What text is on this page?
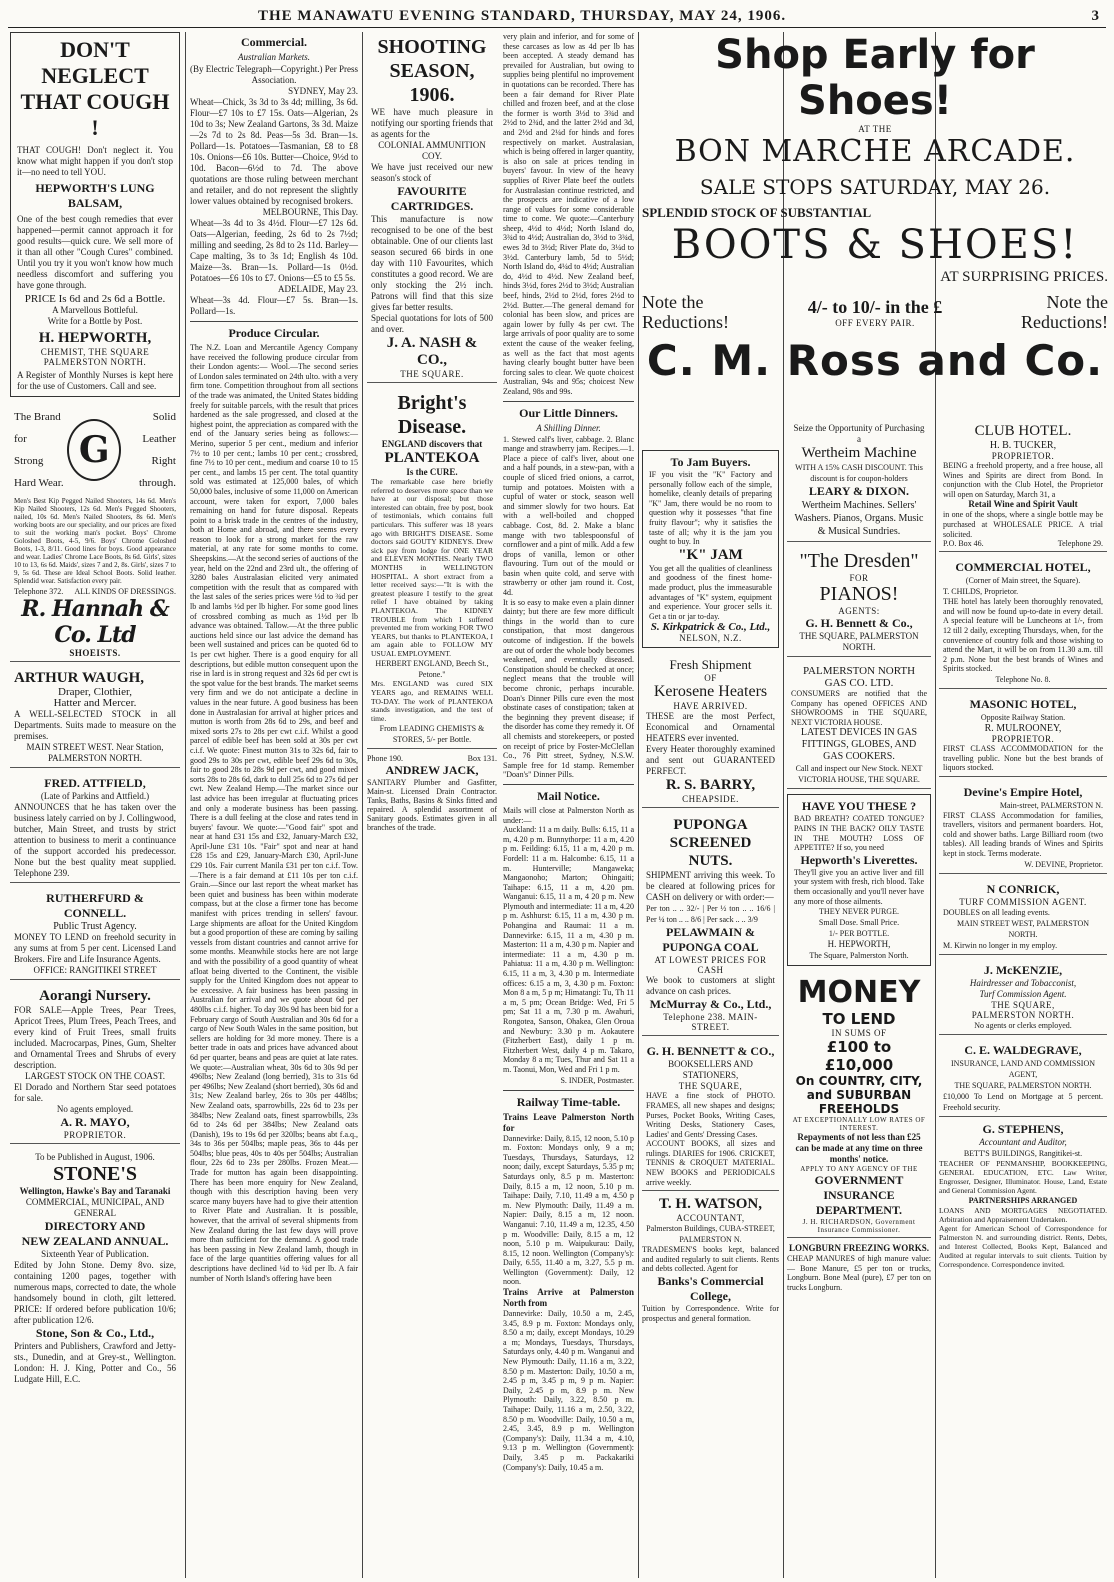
THE MANAWATU EVENING STANDARD, THURSDAY, MAY 24, 1906.	3
DON'T NEGLECT THAT COUGH !
THAT COUGH! Don't neglect it. You know what might happen if you don't stop it—no need to tell YOU.
HEPWORTH'S LUNG BALSAM,
One of the best cough remedies that ever happened—permit cannot approach it for good results—quick cure. We sell more of it than all other "Cough Cures" combined. Until you try it you won't know how much needless discomfort and suffering you have gone through.
PRICE Is 6d and 2s 6d a Bottle.
A Marvellous Bottleful.
Write for a Bottle by Post.
H. HEPWORTH,
CHEMIST, THE SQUARE
PALMERSTON NORTH.
A Register of Monthly Nurses is kept here for the use of Customers. Call and see.
The Brand for
Strong
Hard Wear.
G
Solid
Leather
Right through.
Men's Best Kip Pegged Nailed Shooters, 14s 6d. Men's Kip Nailed Shooters, 12s 6d. Men's Pegged Shooters, nailed, 10s 6d. Men's Nailed Shooters, 8s 6d. Men's working boots are our speciality, and our prices are fixed to suit the working man's pocket. Boys' Chrome Goloshed Boots, 4-5, 9/6. Boys' Chrome Goloshed Boots, 1-3, 8/11. Good lines for boys. Good appearance and wear. Ladies' Chrome Lace Boots, 8s 6d. Girls', sizes 10 to 13, 6s 6d. Maids', sizes 7 and 2, 8s. Girls', sizes 7 to 9, 5s 6d. These are Ideal School Boots. Solid leather. Splendid wear. Satisfaction every pair.
Telephone 372. ALL KINDS OF DRESSINGS.
R. Hannah & Co. Ltd
SHOEISTS.
ARTHUR WAUGH,
Draper, Clothier,
Hatter and Mercer.
A WELL-SELECTED STOCK in all Departments. Suits made to measure on the premises.
MAIN STREET WEST. Near Station, PALMERSTON NORTH.
FRED. ATTFIELD,
(Late of Parkins and Attfield.)
ANNOUNCES that he has taken over the business lately carried on by J. Collingwood, butcher, Main Street, and trusts by strict attention to business to merit a continuance of the support accorded his predecessor. None but the best quality meat supplied. Telephone 239.
RUTHERFURD & CONNELL.
Public Trust Agency.
MONEY TO LEND on freehold security in any sums at from 5 per cent. Licensed Land Brokers. Fire and Life Insurance Agents.
OFFICE: RANGITIKEI STREET
Aorangi Nursery.
FOR SALE—Apple Trees, Pear Trees, Apricot Trees, Plum Trees, Peach Trees, and every kind of Fruit Trees, small fruits included. Macrocarpas, Pines, Gum, Shelter and Ornamental Trees and Shrubs of every description.
LARGEST STOCK ON THE COAST.
El Dorado and Northern Star seed potatoes for sale.
No agents employed.
A. R. MAYO,
PROPRIETOR.
To be Published in August, 1906.
STONE'S
Wellington, Hawke's Bay and Taranaki
COMMERCIAL, MUNICIPAL, AND GENERAL
DIRECTORY AND
NEW ZEALAND ANNUAL.
Sixteenth Year of Publication.
Edited by John Stone. Demy 8vo. size, containing 1200 pages, together with numerous maps, corrected to date, the whole handsomely bound in cloth, gilt lettered. PRICE: If ordered before publication 10/6; after publication 12/6.
Stone, Son & Co., Ltd.,
Printers and Publishers, Crawford and Jetty-sts., Dunedin, and at Grey-st., Wellington. London: H. J. King, Potter and Co., 56 Ludgate Hill, E.C.
Commercial.
Australian Markets.
(By Electric Telegraph—Copyright.) Per Press Association.
SYDNEY, May 23.
Wheat—Chick, 3s 3d to 3s 4d; milling, 3s 6d. Flour—£7 10s to £7 15s. Oats—Algerian, 2s 10d to 3s; New Zealand Gartons, 3s 3d. Maize—2s 7d to 2s 8d. Peas—5s 3d. Bran—1s. Pollard—1s. Potatoes—Tasmanian, £8 to £8 10s. Onions—£6 10s. Butter—Choice, 9½d to 10d. Bacon—6½d to 7d. The above quotations are those ruling between merchant and retailer, and do not represent the slightly lower values obtained by recognised brokers.
MELBOURNE, This Day.
Wheat—3s 4d to 3s 4½d. Flour—£7 12s 6d. Oats—Algerian, feeding, 2s 6d to 2s 7½d; milling and seeding, 2s 8d to 2s 11d. Barley—Cape malting, 3s to 3s 1d; English 4s 10d. Maize—3s. Bran—1s. Pollard—1s 0½d. Potatoes—£6 10s to £7. Onions—£5 to £5 5s.
ADELAIDE, May 23.
Wheat—3s 4d. Flour—£7 5s. Bran—1s. Pollard—1s.
Produce Circular.
The N.Z. Loan and Mercantile Agency Company have received the following produce circular from their London agents:— Wool.—The second series of London sales terminated on 24th ulto. with a very firm tone. Competition throughout from all sections of the trade was animated, the United States bidding freely for suitable parcels, with the result that prices hardened as the sale progressed, and closed at the highest point, the appreciation as compared with the end of the January series being as follows:—Merino, superior 5 per cent., medium and inferior 7½ to 10 per cent.; lambs 10 per cent.; crossbred, fine 7½ to 10 per cent., medium and coarse 10 to 15 per cent., and lambs 15 per cent. The total quantity sold was estimated at 125,000 bales, of which 50,000 bales, inclusive of some 11,000 on American account, were taken for export, 7,000 bales remaining on hand for future disposal. Repeats point to a brisk trade in the centres of the industry, both at Home and abroad, and there seems every reason to look for a strong market for the raw material, at any rate for some months to come. Sheepskins.—At the second series of auctions of the year, held on the 22nd and 23rd ult., the offering of 3280 bales Australasian elicited very animated competition with the result that as compared with the last sales of the series prices were ½d to ¾d per lb and lambs ½d per lb higher. For some good lines of crossbred combing as much as 1½d per lb advance was obtained. Tallow.—At the three public auctions held since our last advice the demand has been well sustained and prices can be quoted 6d to 1s per cwt higher. There is a good enquiry for all descriptions, but edible mutton consequent upon the rise in lard is in strong request and 32s 6d per cwt is the spot value for the best brands. The market seems very firm and we do not anticipate a decline in values in the near future. A good business has been done in Australasian for arrival at higher prices and mutton is worth from 28s 6d to 29s, and beef and mixed sorts 27s to 28s per cwt c.i.f. Whilst a good parcel of edible beef has been sold at 30s per cwt c.i.f. We quote: Finest mutton 31s to 32s 6d, fair to good 29s to 30s per cwt, edible beef 29s 6d to 30s, fair to good 28s to 28s 9d per cwt, and good mixed sorts 28s to 28s 6d, dark to dull 25s 6d to 27s 6d per cwt. New Zealand Hemp.—The market since our last advice has been irregular at fluctuating prices and only a moderate business has been passing. There is a dull feeling at the close and rates tend in buyers' favour. We quote:—"Good fair" spot and near at hand £31 15s and £32, January-March £32, April-June £31 10s. "Fair" spot and near at hand £28 15s and £29, January-March £30, April-June £29 10s. Fair current Manila £31 per ton c.i.f. Tow.—There is a fair demand at £11 10s per ton c.i.f. Grain.—Since our last report the wheat market has been quiet and business has been within moderate compass, but at the close a firmer tone has become manifest with prices trending in sellers' favour. Large shipments are afloat for the United Kingdom but a good proportion of these are coming by sailing vessels from distant countries and cannot arrive for some months. Meanwhile stocks here are not large and with the possibility of a good quantity of wheat afloat being diverted to the Continent, the visible supply for the United Kingdom does not appear to be excessive. A fair business has been passing in Australian for arrival and we quote about 6d per 480lbs c.i.f. higher. To day 30s 9d has been bid for a February cargo of South Australian and 30s 6d for a cargo of New South Wales in the same position, but sellers are holding for 3d more money. There is a better trade in oats and prices have advanced about 6d per quarter, beans and peas are quiet at late rates. We quote:—Australian wheat, 30s 6d to 30s 9d per 496lbs; New Zealand (long berried), 31s to 31s 6d per 496lbs; New Zealand (short berried), 30s 6d and 31s; New Zealand barley, 26s to 30s per 448lbs; New Zealand oats, sparrowbills, 22s 6d to 23s per 384lbs; New Zealand oats, finest sparrowbills, 23s 6d to 24s 6d per 384lbs; New Zealand oats (Danish), 19s to 19s 6d per 320lbs; beans abt f.a.q., 34s to 36s per 504lbs; maple peas, 36s to 44s per 504lbs; blue peas, 40s to 40s per 504lbs; Australian flour, 22s 6d to 23s per 280lbs. Frozen Meat.—Trade for mutton has again been disappointing. There has been more enquiry for New Zealand, though with this description having been very scarce many buyers have had to give their attention to River Plate and Australian. It is possible, however, that the arrival of several shipments from New Zealand during the last few days will prove more than sufficient for the demand. A good trade has been passing in New Zealand lamb, though in face of the large quantities offering values for all descriptions have declined ¼d to ¼d per lb. A fair number of North Island's offering have been
SHOOTING SEASON, 1906.
WE have much pleasure in notifying our sporting friends that as agents for the
COLONIAL AMMUNITION COY.
We have just received our new season's stock of
FAVOURITE CARTRIDGES.
This manufacture is now recognised to be one of the best obtainable. One of our clients last season secured 66 birds in one day with 110 Favourites, which constitutes a good record. We are only stocking the 2½ inch. Patrons will find that this size gives far better results.
Special quotations for lots of 500 and over.
J. A. NASH & CO.,
THE SQUARE.
Bright's Disease.
ENGLAND discovers that
PLANTEKOA
Is the CURE.
The remarkable case here briefly referred to deserves more space than we have at our disposal; but those interested can obtain, free by post, book of testimonials, which contains full particulars. This sufferer was 18 years ago with BRIGHT'S DISEASE. Some doctors said GOUTY KIDNEYS. Drew sick pay from lodge for ONE YEAR and ELEVEN MONTHS. Nearly TWO MONTHS in WELLINGTON HOSPITAL. A short extract from a letter received says:—"It is with the greatest pleasure I testify to the great relief I have obtained by taking PLANTEKOA. The KIDNEY TROUBLE from which I suffered prevented me from working FOR TWO YEARS, but thanks to PLANTEKOA, I am again able to FOLLOW MY USUAL EMPLOYMENT.
HERBERT ENGLAND, Beech St., Petone."
Mrs. ENGLAND was cured SIX YEARS ago, and REMAINS WELL TO-DAY. The work of PLANTEKOA stands investigation, and the test of time.
From LEADING CHEMISTS & STORES, 5/- per Bottle.
Phone 190.	Box 131.
ANDREW JACK,
SANITARY Plumber and Gasfitter, Main-st. Licensed Drain Contractor. Tanks, Baths, Basins & Sinks fitted and repaired. A splendid assortment of Sanitary goods. Estimates given in all branches of the trade.
very plain and inferior, and for some of these carcases as low as 4d per lb has been accepted. A steady demand has prevailed for Australian, but owing to supplies being plentiful no improvement in quotations can be recorded. There has been a fair demand for River Plate chilled and frozen beef, and at the close the former is worth 3½d to 3¾d and 2½d to 2¾d, and the latter 2½d and 3d, and 2½d and 2¼d for hinds and fores respectively on market. Australasian, which is being offered in larger quantity, is also on sale at prices tending in buyers' favour. In view of the heavy supplies of River Plate beef the outlets for Australasian continue restricted, and the prospects are indicative of a low range of values for some considerable time to come. We quote:—Canterbury sheep, 4½d to 4½d; North Island do, 3¾d to 4½d; Australian do, 3½d to 3¾d, ewes 3d to 3½d; River Plate do, 3¼d to 3½d. Canterbury lamb, 5d to 5½d; North Island do, 4¼d to 4½d; Australian do, 4½d to 4½d. New Zealand beef, hinds 3½d, fores 2½d to 3½d; Australian beef, hinds, 2½d to 2½d, fores 2½d to 2½d. Butter.—The general demand for colonial has been slow, and prices are again lower by fully 4s per cwt. The large arrivals of poor quality are to some extent the cause of the weaker feeling, as well as the fact that most agents having clearly bought butter have been forcing sales to clear. We quote choicest Australian, 94s and 95s; choicest New Zealand, 98s and 99s.
Our Little Dinners.
A Shilling Dinner.
1. Stewed calf's liver, cabbage. 2. Blanc mange and strawberry jam. Recipes.—1. Place a piece of calf's liver, about one and a half pounds, in a stew-pan, with a couple of sliced fried onions, a carrot, turnip and potatoes. Moisten with a cupful of water or stock, season well and simmer slowly for two hours. Eat with a well-boiled and chopped cabbage. Cost, 8d. 2. Make a blanc mange with two tablespoonsful of cornflower and a pint of milk. Add a few drops of vanilla, lemon or other flavouring. Turn out of the mould or basin when quite cold, and serve with strawberry or other jam round it. Cost, 4d.
It is so easy to make even a plain dinner dainty; but there are few more difficult things in the world than to cure constipation, that most dangerous outcome of indigestion. If the bowels are out of order the whole body becomes weakened, and eventually diseased. Constipation should be checked at once; neglect means that the trouble will become chronic, perhaps incurable. Doan's Dinner Pills cure even the most obstinate cases of constipation; taken at the beginning they prevent disease; if the disorder has come they remedy it. Of all chemists and storekeepers, or posted on receipt of price by Foster-McClellan Co., 76 Pitt street, Sydney, N.S.W. Sample free for 1d stamp. Remember "Doan's" Dinner Pills.
Mail Notice.
Mails will close at Palmerston North as under:—
Auckland: 11 a m daily. Bulls: 6.15, 11 a m, 4.20 p m. Bunnythorpe: 11 a m, 4.20 p m. Feilding: 6.15, 11 a m, 4.20 p m. Fordell: 11 a m. Halcombe: 6.15, 11 a m. Hunterville; Mangaweka; Mangaonoho; Marton; Ohingaiti; Taihape: 6.15, 11 a m, 4.20 pm. Wanganui: 6.15, 11 a m, 4 20 p m. New Plymouth and intermediate: 11 a m, 4.20 p m. Ashhurst: 6.15, 11 a m, 4.30 p m. Pohangina and Raumai: 11 a m. Dannevirke: 6.15, 11 a m, 4.30 p m. Masterton: 11 a m, 4.30 p m. Napier and intermediate: 11 a m, 4.30 p m. Pahiatua: 11 a m, 4.30 p m. Wellington: 6.15, 11 a m, 3, 4.30 p m. Intermediate offices: 6.15 a m, 3, 4.30 p m. Foxton: Mon 8 a m, 5 p m; Himatangi: Tu, Th 11 a m, 5 pm; Ocean Bridge: Wed, Fri 5 pm; Sat 11 a m, 7.30 p m. Awahuri, Rongotea, Sanson, Ohakea, Glen Oroua and Newbury: 3.30 p m. Aokautere (Fitzherbert East), daily 1 p m. Fitzherbert West, daily 4 p m. Takaro, Monday 8 a m; Tues, Thur and Sat 11 a m. Taonui, Mon, Wed and Fri 1 p m.
S. INDER, Postmaster.
Railway Time-table.
Trains Leave Palmerston North for
Dannevirke: Daily, 8.15, 12 noon, 5.10 p m. Foxton: Mondays only, 9 a m; Tuesdays, Thursdays, Saturdays, 12 noon; daily, except Saturdays, 5.35 p m; Saturdays only, 8.5 p m. Masterton: Daily, 8.15 a m, 12 noon, 5.10 p m. Taihape: Daily, 7.10, 11.49 a m, 4.50 p m. New Plymouth: Daily, 11.49 a m. Napier: Daily, 8.15 a m, 12 noon. Wanganui: 7.10, 11.49 a m, 12.35, 4.50 p m. Woodville: Daily, 8.15 a m, 12 noon, 5.10 p m. Waipukurau: Daily, 8.15, 12 noon. Wellington (Company's): Daily, 6.55, 11.40 a m, 3.27, 5.5 p m. Wellington (Government): Daily, 12 noon.
Trains Arrive at Palmerston North from
Dannevirke: Daily, 10.50 a m, 2.45, 3.45, 8.9 p m. Foxton: Mondays only, 8.50 a m; daily, except Mondays, 10.29 a m; Mondays, Tuesdays, Thursdays, Saturdays only, 4.40 p m. Wanganui and New Plymouth: Daily, 11.16 a m, 3.22, 8.50 p m. Masterton: Daily, 10.50 a m, 2.45 p m, 3.45 p m, 9 p m. Napier: Daily, 2.45 p m, 8.9 p m. New Plymouth: Daily, 3.22, 8.50 p m. Taihape: Daily, 11.16 a m, 2.50, 3.22, 8.50 p m. Woodville: Daily, 10.50 a m, 2.45, 3.45, 8.9 p m. Wellington (Company's): Daily, 11.34 a m, 4.10, 9.13 p m. Wellington (Government): Daily, 3.45 p m. Packakariki (Company's): Daily, 10.45 a m.
Shop Early for Shoes!
AT THE
BON MARCHE ARCADE.
SALE STOPS SATURDAY, MAY 26.
SPLENDID STOCK OF SUBSTANTIAL
BOOTS & SHOES!
AT SURPRISING PRICES.
Note the Reductions!
4/- to 10/- in the £
OFF EVERY PAIR.
Note the Reductions!
C. M. Ross and Co.
To Jam Buyers.
IF you visit the "K" Factory and personally follow each of the simple, homelike, cleanly details of preparing "K" Jam, there would be no room to question why it possesses "that fine fruity flavour"; why it satisfies the taste of all; why it is the jam you ought to buy. In
"K" JAM
You get all the qualities of cleanliness and goodness of the finest home-made product, plus the immeasurable advantages of "K" system, equipment and experience. Your grocer sells it. Get a tin or jar to-day.
S. Kirkpatrick & Co., Ltd.,
NELSON, N.Z.
Fresh Shipment
OF
Kerosene Heaters
HAVE ARRIVED.
THESE are the most Perfect, Economical and Ornamental HEATERS ever invented.
Every Heater thoroughly examined and sent out GUARANTEED PERFECT.
R. S. BARRY,
CHEAPSIDE.
PUPONGA SCREENED NUTS.
SHIPMENT arriving this week. To be cleared at following prices for CASH on delivery or with order:—
Per ton .. .. 32/- | Per ½ ton .. .. 16/6 | Per ¼ ton .. .. 8/6 | Per sack .. .. 3/9
PELAWMAIN & PUPONGA COAL
AT LOWEST PRICES FOR CASH
We book to customers at slight advance on cash prices.
McMurray & Co., Ltd.,
Telephone 238. MAIN-STREET.
G. H. BENNETT & CO.,
BOOKSELLERS AND STATIONERS,
THE SQUARE,
HAVE a fine stock of PHOTO. FRAMES, all new shapes and designs; Purses, Pocket Books, Writing Cases, Writing Desks, Stationery Cases, Ladies' and Gents' Dressing Cases.
ACCOUNT BOOKS, all sizes and rulings. DIARIES for 1906. CRICKET, TENNIS & CROQUET MATERIAL. NEW BOOKS and PERIODICALS arrive weekly.
T. H. WATSON,
ACCOUNTANT,
Palmerston Buildings, CUBA-STREET, PALMERSTON N.
TRADESMEN'S books kept, balanced and audited regularly to suit clients. Rents and debts collected. Agent for
Banks's Commercial College,
Tuition by Correspondence. Write for prospectus and general formation.
Seize the Opportunity of Purchasing a
Wertheim Machine
WITH A 15% CASH DISCOUNT. This discount is for coupon-holders
LEARY & DIXON.
Wertheim Machines. Sellers' Washers. Pianos, Organs. Music & Musical Sundries.
"The Dresden"
FOR
PIANOS!
AGENTS:
G. H. Bennett & Co.,
THE SQUARE, PALMERSTON NORTH.
PALMERSTON NORTH GAS CO. LTD.
CONSUMERS are notified that the Company has opened OFFICES AND SHOWROOMS in THE SQUARE, NEXT VICTORIA HOUSE.
LATEST DEVICES IN GAS FITTINGS, GLOBES, AND GAS COOKERS.
Call and inspect our New Stock. NEXT VICTORIA HOUSE, THE SQUARE.
HAVE YOU THESE ?
BAD BREATH? COATED TONGUE? PAINS IN THE BACK? OILY TASTE IN THE MOUTH? LOSS OF APPETITE? If so, you need
Hepworth's Liverettes.
They'll give you an active liver and fill your system with fresh, rich blood. Take them occasionally and you'll never have any more of those ailments.
THEY NEVER PURGE.
Small Dose. Small Price.
1/- PER BOTTLE.
H. HEPWORTH,
The Square, Palmerston North.
MONEY
TO LEND
IN SUMS OF
£100 to £10,000
On COUNTRY, CITY, and SUBURBAN FREEHOLDS
AT EXCEPTIONALLY LOW RATES OF INTEREST.
Repayments of not less than £25 can be made at any time on three months' notice.
APPLY TO ANY AGENCY OF THE
GOVERNMENT INSURANCE DEPARTMENT.
J. H. RICHARDSON, Government Insurance Commissioner.
LONGBURN FREEZING WORKS.
CHEAP MANURES of high manure value:— Bone Manure, £5 per ton or trucks, Longburn. Bone Meal (pure), £7 per ton on trucks Longburn.
CLUB HOTEL.
H. B. TUCKER,
PROPRIETOR.
BEING a freehold property, and a free house, all Wines and Spirits are direct from Bond. In conjunction with the Club Hotel, the Proprietor will open on Saturday, March 31, a
Retail Wine and Spirit Vault
in one of the shops, where a single bottle may be purchased at WHOLESALE PRICE. A trial solicited.
P.O. Box 46.	Telephone 29.
COMMERCIAL HOTEL,
(Corner of Main street, the Square).
T. CHILDS, Proprietor.
THE hotel has lately been thoroughly renovated, and will now be found up-to-date in every detail. A special feature will be Luncheons at 1/-, from 12 till 2 daily, excepting Thursdays, when, for the convenience of country folk and those wishing to attend the Mart, it will be on from 11.30 a.m. till 2 p.m. None but the best brands of Wines and Spirits stocked.
Telephone No. 8.
MASONIC HOTEL,
Opposite Railway Station.
R. MULROONEY,
PROPRIETOR.
FIRST CLASS ACCOMMODATION for the travelling public. None but the best brands of liquors stocked.
Devine's Empire Hotel,
Main-street, PALMERSTON N.
FIRST CLASS Accommodation for families, travellers, visitors and permanent boarders. Hot, cold and shower baths. Large Billiard room (two tables). All leading brands of Wines and Spirits kept in stock. Terms moderate.
W. DEVINE, Proprietor.
N CONRICK,
TURF COMMISSION AGENT.
DOUBLES on all leading events.
MAIN STREET WEST, PALMERSTON NORTH.
M. Kirwin no longer in my employ.
J. McKENZIE,
Hairdresser and Tobacconist,
Turf Commission Agent.
THE SQUARE,
PALMERSTON NORTH.
No agents or clerks employed.
C. E. WALDEGRAVE,
INSURANCE, LAND AND COMMISSION AGENT,
THE SQUARE, PALMERSTON NORTH.
£10,000 To Lend on Mortgage at 5 percent. Freehold security.
G. STEPHENS,
Accountant and Auditor,
BETT'S BUILDINGS, Rangitikei-st.
TEACHER OF PENMANSHIP, BOOKKEEPING, GENERAL EDUCATION, ETC. Law Writer, Engrosser, Designer, Illuminator. House, Land, Estate and General Commission Agent.
PARTNERSHIPS ARRANGED
LOANS AND MORTGAGES NEGOTIATED. Arbitration and Appraisement Undertaken.
Agent for American School of Correspondence for Palmerston N. and surrounding district. Rents, Debts, and Interest Collected, Books Kept, Balanced and Audited at regular intervals to suit clients. Tuition by Correspondence. Correspondence invited.
